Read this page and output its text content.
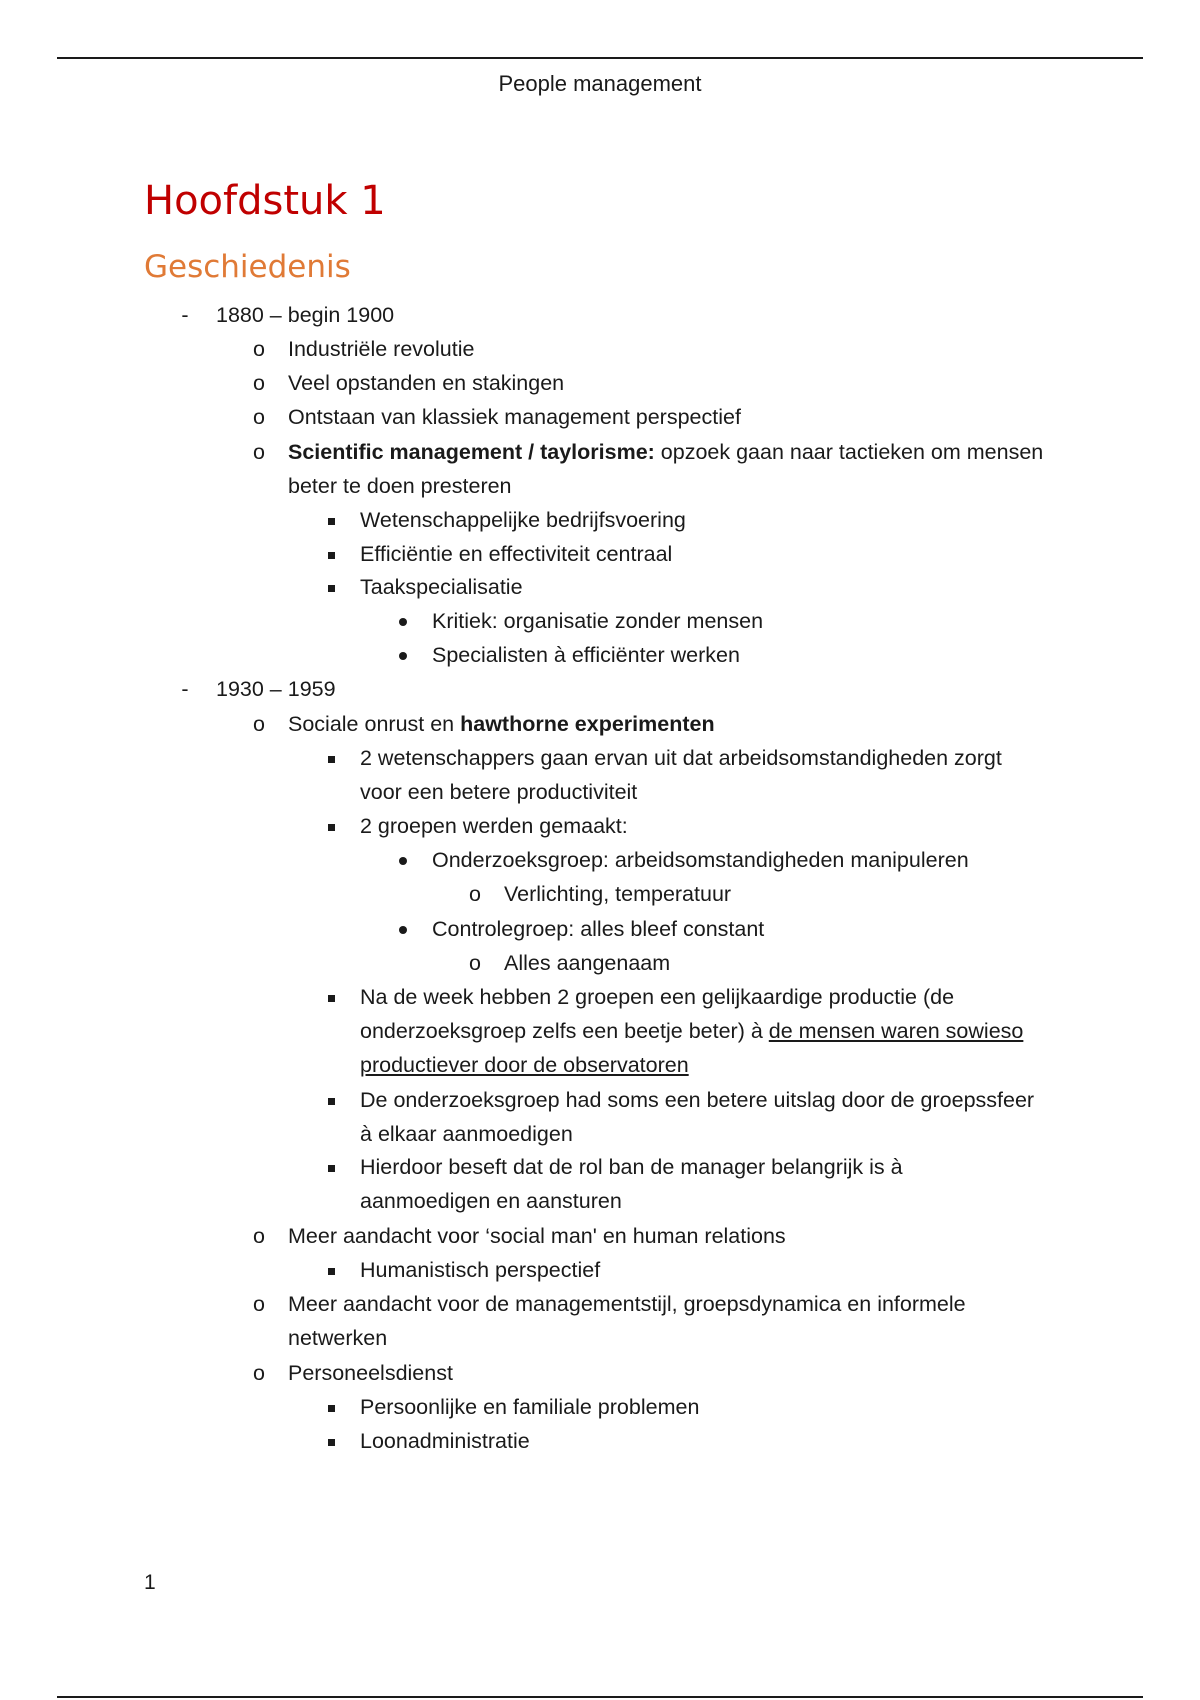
People management
Hoofdstuk 1
Geschiedenis
-	1880 – begin 1900
o	Industriële revolutie
o	Veel opstanden en stakingen
o	Ontstaan van klassiek management perspectief
o	Scientific management / taylorisme: opzoek gaan naar tactieken om mensen
beter te doen presteren
Wetenschappelijke bedrijfsvoering
Efficiëntie en effectiviteit centraal
Taakspecialisatie
Kritiek: organisatie zonder mensen
Specialisten à efficiënter werken
-	1930 – 1959
o	Sociale onrust en hawthorne experimenten
2 wetenschappers gaan ervan uit dat arbeidsomstandigheden zorgt
voor een betere productiviteit
2 groepen werden gemaakt:
Onderzoeksgroep: arbeidsomstandigheden manipuleren
o	Verlichting, temperatuur
Controlegroep: alles bleef constant
o	Alles aangenaam
Na de week hebben 2 groepen een gelijkaardige productie (de
onderzoeksgroep zelfs een beetje beter) à de mensen waren sowieso
productiever door de observatoren
De onderzoeksgroep had soms een betere uitslag door de groepssfeer
à elkaar aanmoedigen
Hierdoor beseft dat de rol ban de manager belangrijk is à
aanmoedigen en aansturen
o	Meer aandacht voor ‘social man' en human relations
Humanistisch perspectief
o	Meer aandacht voor de managementstijl, groepsdynamica en informele
netwerken
o	Personeelsdienst
Persoonlijke en familiale problemen
Loonadministratie
1
